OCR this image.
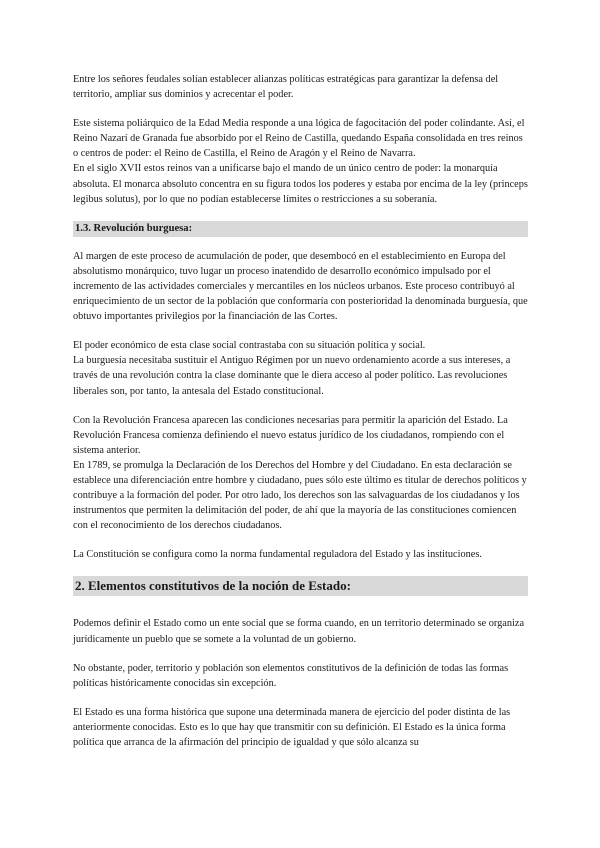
Entre los señores feudales solían establecer alianzas políticas estratégicas para garantizar la defensa del territorio, ampliar sus dominios y acrecentar el poder.

Este sistema poliárquico de la Edad Media responde a una lógica de fagocitación del poder colindante. Así, el Reino Nazarí de Granada fue absorbido por el Reino de Castilla, quedando España consolidada en tres reinos o centros de poder: el Reino de Castilla, el Reino de Aragón y el Reino de Navarra.

En el siglo XVII estos reinos van a unificarse bajo el mando de un único centro de poder: la monarquía absoluta. El monarca absoluto concentra en su figura todos los poderes y estaba por encima de la ley (princeps legibus solutus), por lo que no podían establecerse límites o restricciones a su soberanía.

1.3. Revolución burguesa:

Al margen de este proceso de acumulación de poder, que desembocó en el establecimiento en Europa del absolutismo monárquico, tuvo lugar un proceso inatendido de desarrollo económico impulsado por el incremento de las actividades comerciales y mercantiles en los núcleos urbanos. Este proceso contribuyó al enriquecimiento de un sector de la población que conformaría con posterioridad la denominada burguesía, que obtuvo importantes privilegios por la financiación de las Cortes.

El poder económico de esta clase social contrastaba con su situación política y social.

La burguesía necesitaba sustituir el Antiguo Régimen por un nuevo ordenamiento acorde a sus intereses, a través de una revolución contra la clase dominante que le diera acceso al poder político. Las revoluciones liberales son, por tanto, la antesala del Estado constitucional.

Con la Revolución Francesa aparecen las condiciones necesarias para permitir la aparición del Estado. La Revolución Francesa comienza definiendo el nuevo estatus jurídico de los ciudadanos, rompiendo con el sistema anterior.

En 1789, se promulga la Declaración de los Derechos del Hombre y del Ciudadano. En esta declaración se establece una diferenciación entre hombre y ciudadano, pues sólo este último es titular de derechos políticos y contribuye a la formación del poder. Por otro lado, los derechos son las salvaguardas de los ciudadanos y los instrumentos que permiten la delimitación del poder, de ahí que la mayoría de las constituciones comiencen con el reconocimiento de los derechos ciudadanos.

La Constitución se configura como la norma fundamental reguladora del Estado y las instituciones.

2. Elementos constitutivos de la noción de Estado:

Podemos definir el Estado como un ente social que se forma cuando, en un territorio determinado se organiza jurídicamente un pueblo que se somete a la voluntad de un gobierno.

No obstante, poder, territorio y población son elementos constitutivos de la definición de todas las formas políticas históricamente conocidas sin excepción.

El Estado es una forma histórica que supone una determinada manera de ejercicio del poder distinta de las anteriormente conocidas. Esto es lo que hay que transmitir con su definición. El Estado es la única forma política que arranca de la afirmación del principio de igualdad y que sólo alcanza su
